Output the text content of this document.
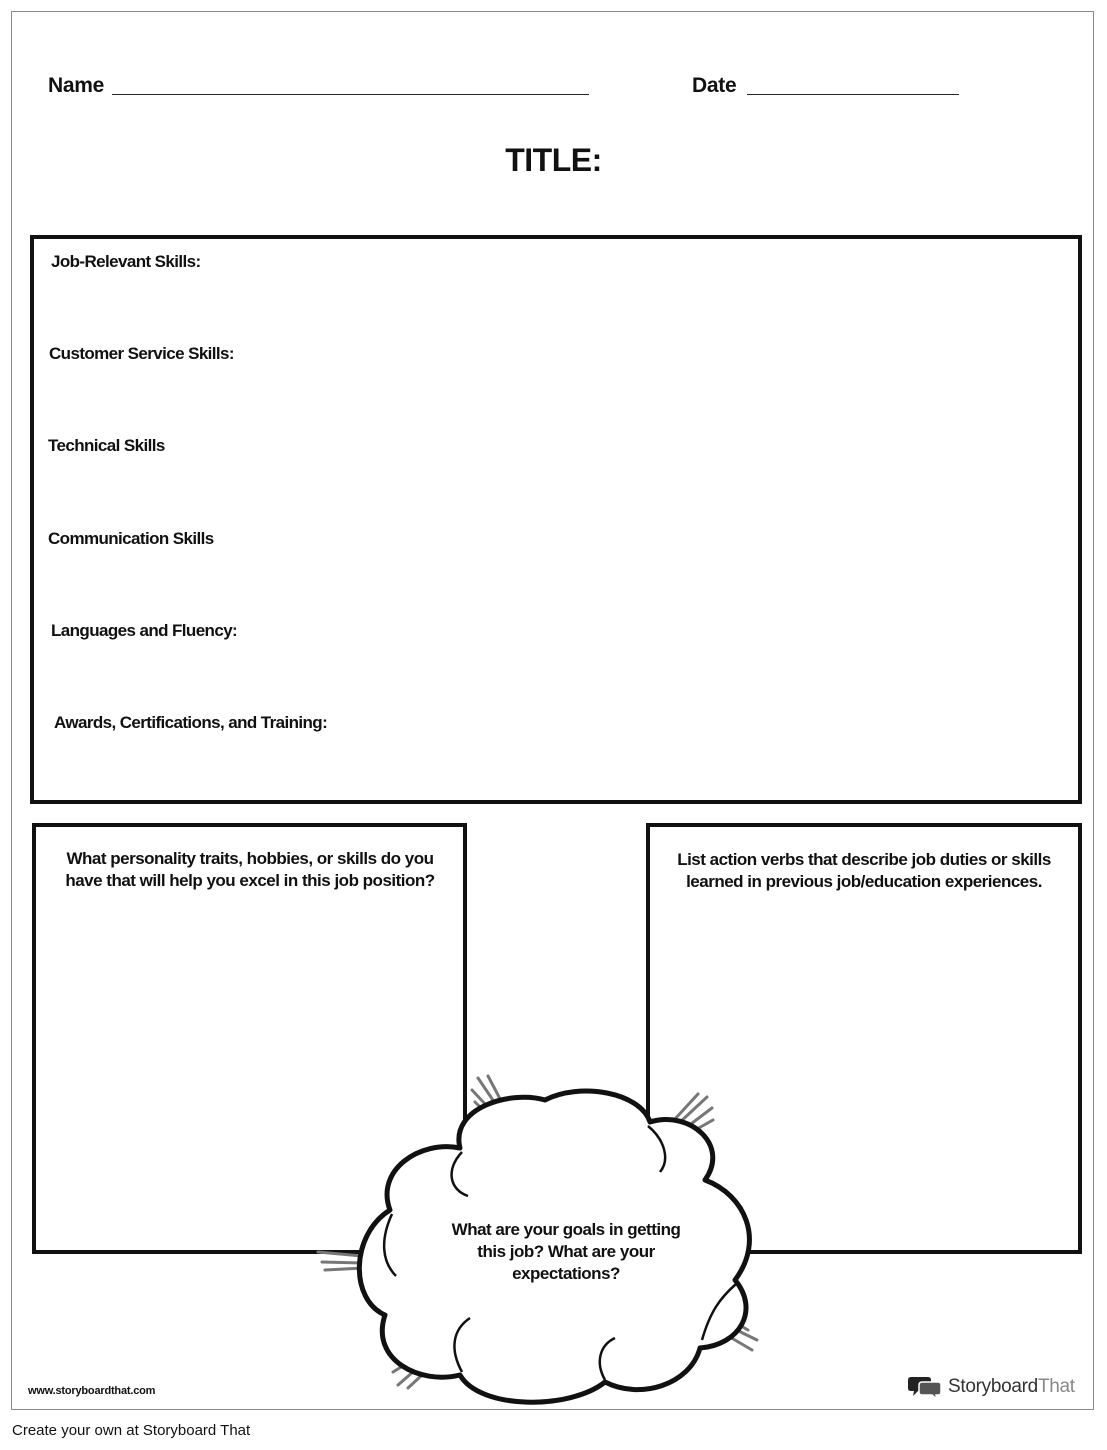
Name	Date
TITLE:
Job-Relevant Skills:
Customer Service Skills:
Technical Skills
Communication Skills
Languages and Fluency:
Awards, Certifications, and Training:
What personality traits, hobbies, or skills do you
have that will help you excel in this job position?
List action verbs that describe job duties or skills
learned in previous job/education experiences.
What are your goals in getting
this job? What are your
expectations?
www.storyboardthat.com	StoryboardThat
Create your own at Storyboard That
